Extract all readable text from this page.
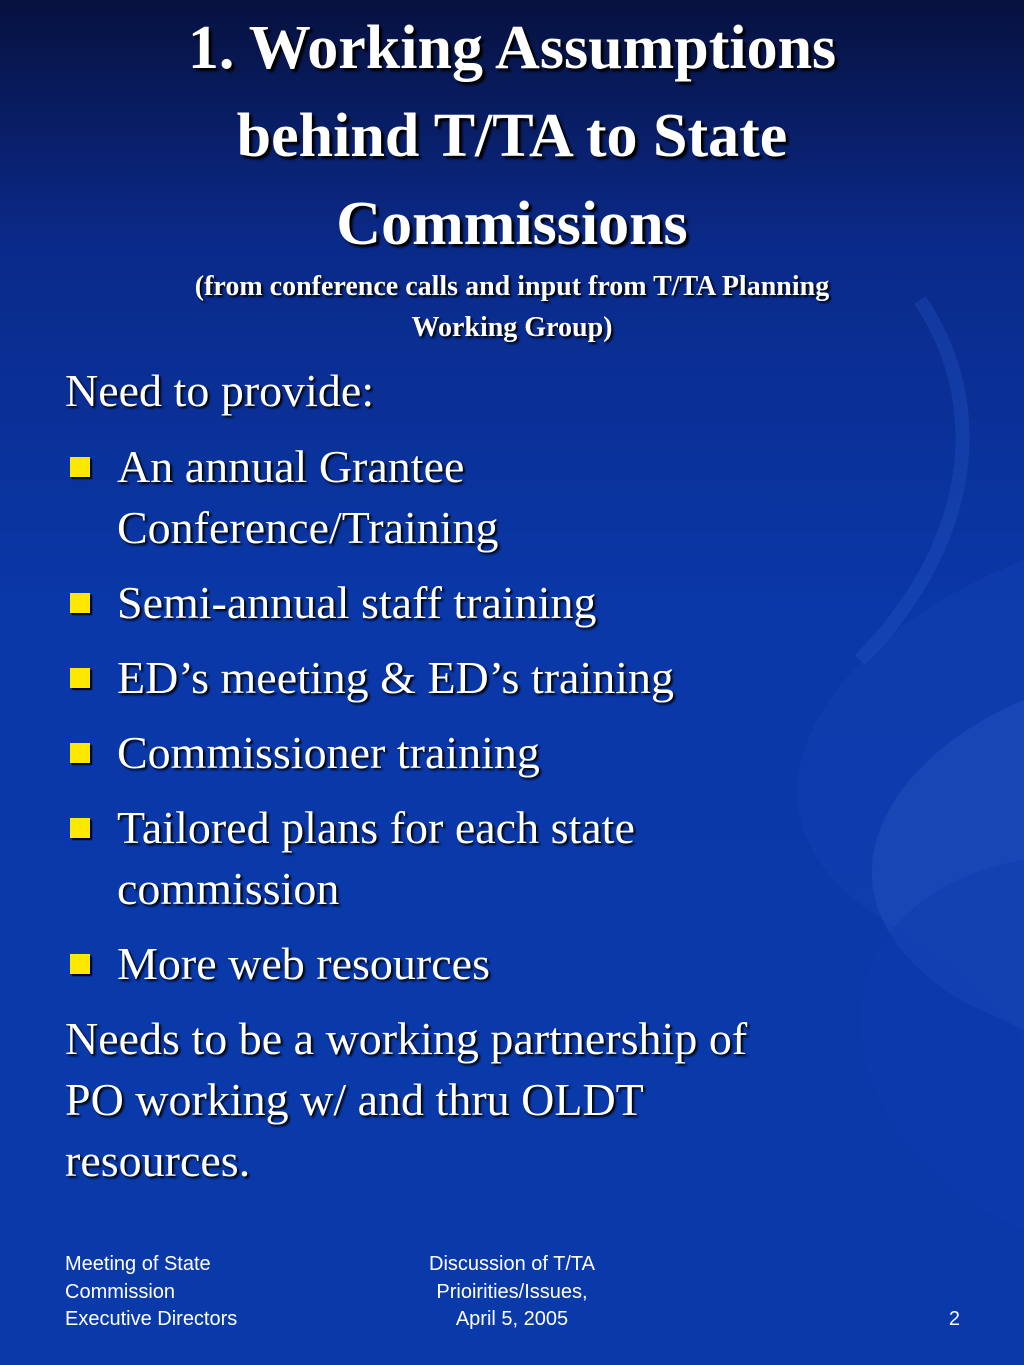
1. Working Assumptions
behind T/TA to State
Commissions
(from conference calls and input from T/TA Planning
Working Group)
Need to provide:
An annual Grantee
Conference/Training
Semi-annual staff training
ED’s meeting & ED’s training
Commissioner training
Tailored plans for each state
commission
More web resources
Needs to be a working partnership of
PO working w/ and thru OLDT
resources.
Meeting of State
Commission
Executive Directors
Discussion of T/TA
Prioirities/Issues,
April 5, 2005	2
